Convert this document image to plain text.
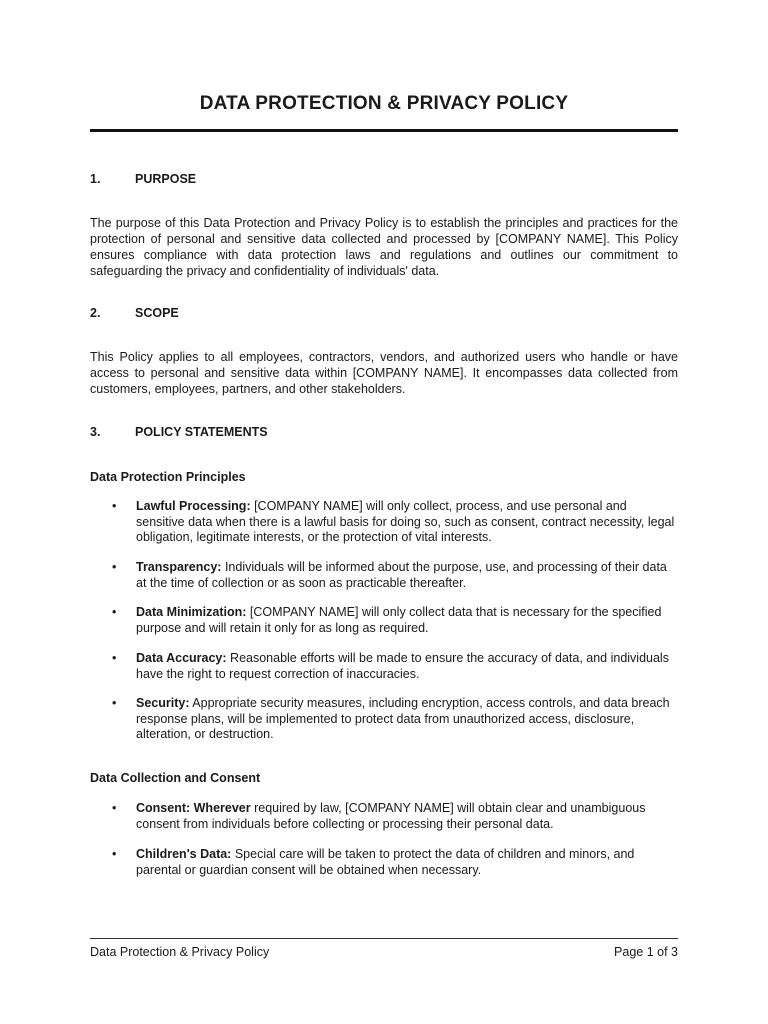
DATA PROTECTION & PRIVACY POLICY
1.	PURPOSE
The purpose of this Data Protection and Privacy Policy is to establish the principles and practices for the protection of personal and sensitive data collected and processed by [COMPANY NAME]. This Policy ensures compliance with data protection laws and regulations and outlines our commitment to safeguarding the privacy and confidentiality of individuals' data.
2.	SCOPE
This Policy applies to all employees, contractors, vendors, and authorized users who handle or have access to personal and sensitive data within [COMPANY NAME]. It encompasses data collected from customers, employees, partners, and other stakeholders.
3.	POLICY STATEMENTS
Data Protection Principles
• Lawful Processing: [COMPANY NAME] will only collect, process, and use personal and sensitive data when there is a lawful basis for doing so, such as consent, contract necessity, legal obligation, legitimate interests, or the protection of vital interests.
• Transparency: Individuals will be informed about the purpose, use, and processing of their data at the time of collection or as soon as practicable thereafter.
• Data Minimization: [COMPANY NAME] will only collect data that is necessary for the specified purpose and will retain it only for as long as required.
• Data Accuracy: Reasonable efforts will be made to ensure the accuracy of data, and individuals have the right to request correction of inaccuracies.
• Security: Appropriate security measures, including encryption, access controls, and data breach response plans, will be implemented to protect data from unauthorized access, disclosure, alteration, or destruction.
Data Collection and Consent
• Consent: Wherever required by law, [COMPANY NAME] will obtain clear and unambiguous consent from individuals before collecting or processing their personal data.
• Children's Data: Special care will be taken to protect the data of children and minors, and parental or guardian consent will be obtained when necessary.
Data Protection & Privacy Policy	Page 1 of 3
